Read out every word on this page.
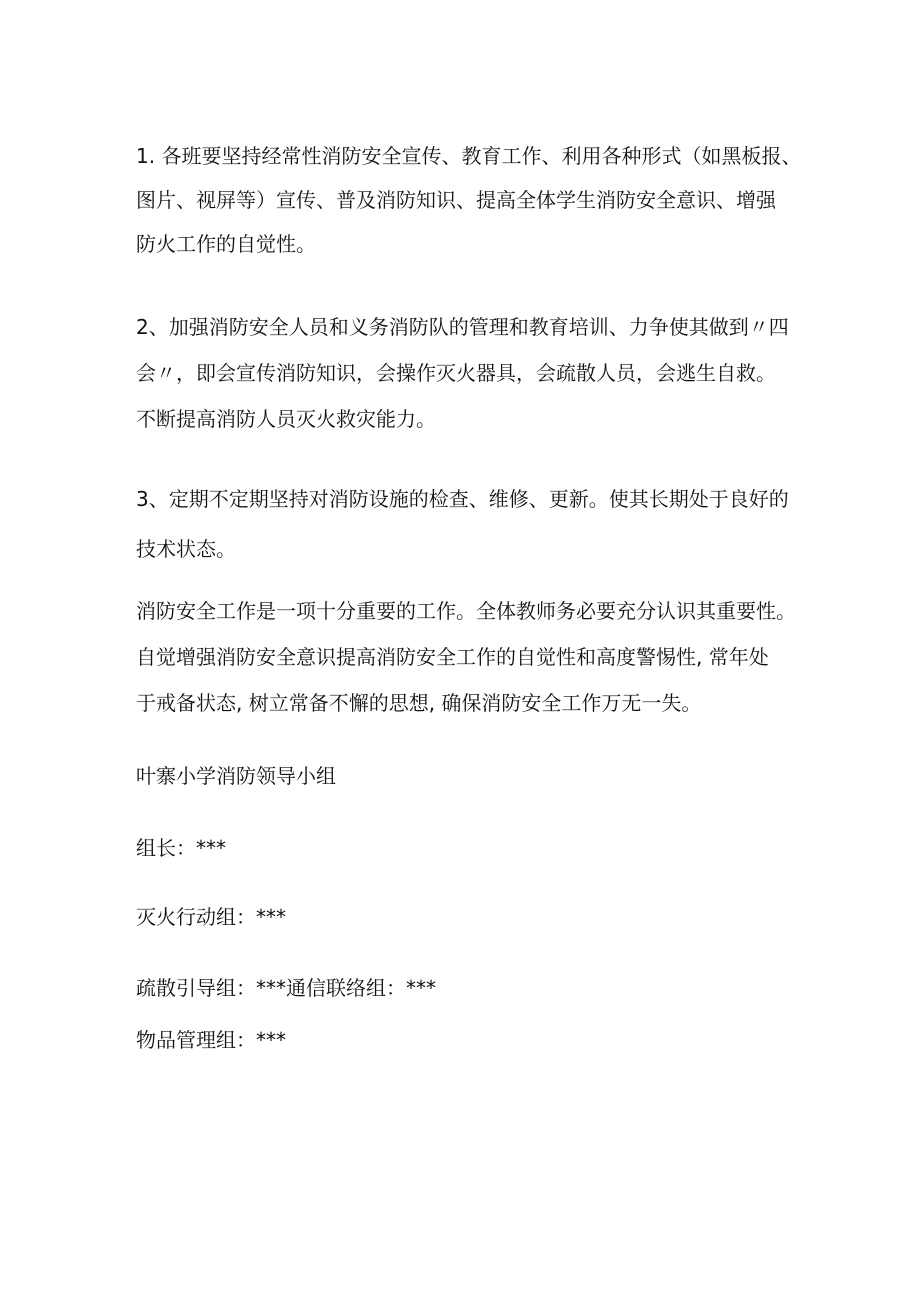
1. 各班要坚持经常性消防安全宣传、教育工作、利用各种形式（如黑板报、
图片、视屏等）宣传、普及消防知识、提高全体学生消防安全意识、增强
防火工作的自觉性。
2、加强消防安全人员和义务消防队的管理和教育培训、力争使其做到〃四
会〃，即会宣传消防知识，会操作灭火器具，会疏散人员，会逃生自救。
不断提高消防人员灭火救灾能力。
3、定期不定期坚持对消防设施的检查、维修、更新。使其长期处于良好的
技术状态。
消防安全工作是一项十分重要的工作。全体教师务必要充分认识其重要性。
自觉增强消防安全意识提高消防安全工作的自觉性和高度警惕性, 常年处
于戒备状态, 树立常备不懈的思想, 确保消防安全工作万无一失。

叶寨小学消防领导小组

组长：***

灭火行动组：***

疏散引导组：***通信联络组：***

物品管理组：***
